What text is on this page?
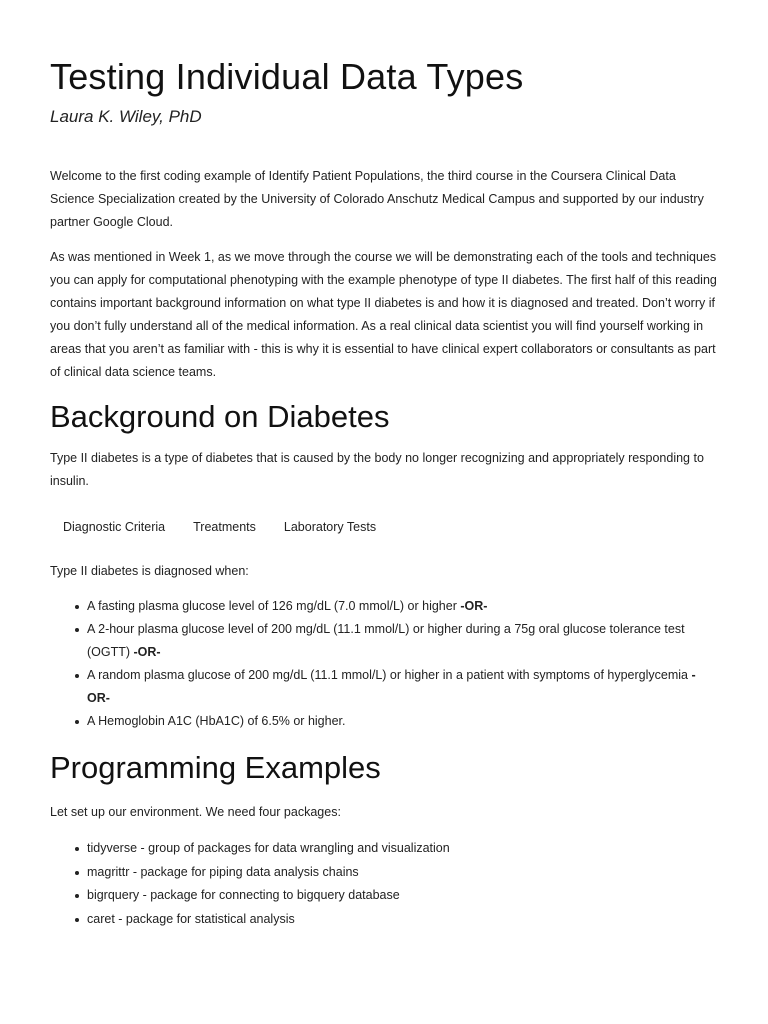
Testing Individual Data Types
Laura K. Wiley, PhD

Welcome to the first coding example of Identify Patient Populations, the third course in the Coursera Clinical Data Science Specialization created by the University of Colorado Anschutz Medical Campus and supported by our industry partner Google Cloud.

As was mentioned in Week 1, as we move through the course we will be demonstrating each of the tools and techniques you can apply for computational phenotyping with the example phenotype of type II diabetes. The first half of this reading contains important background information on what type II diabetes is and how it is diagnosed and treated. Don’t worry if you don’t fully understand all of the medical information. As a real clinical data scientist you will find yourself working in areas that you aren’t as familiar with - this is why it is essential to have clinical expert collaborators or consultants as part of clinical data science teams.

Background on Diabetes

Type II diabetes is a type of diabetes that is caused by the body no longer recognizing and appropriately responding to insulin.

Diagnostic Criteria Treatments Laboratory Tests

Type II diabetes is diagnosed when:

A fasting plasma glucose level of 126 mg/dL (7.0 mmol/L) or higher -OR-
A 2-hour plasma glucose level of 200 mg/dL (11.1 mmol/L) or higher during a 75g oral glucose tolerance test (OGTT) -OR-
A random plasma glucose of 200 mg/dL (11.1 mmol/L) or higher in a patient with symptoms of hyperglycemia -OR-
A Hemoglobin A1C (HbA1C) of 6.5% or higher.
Programming Examples

Let set up our environment. We need four packages:

tidyverse - group of packages for data wrangling and visualization
magrittr - package for piping data analysis chains
bigrquery - package for connecting to bigquery database
caret - package for statistical analysis
